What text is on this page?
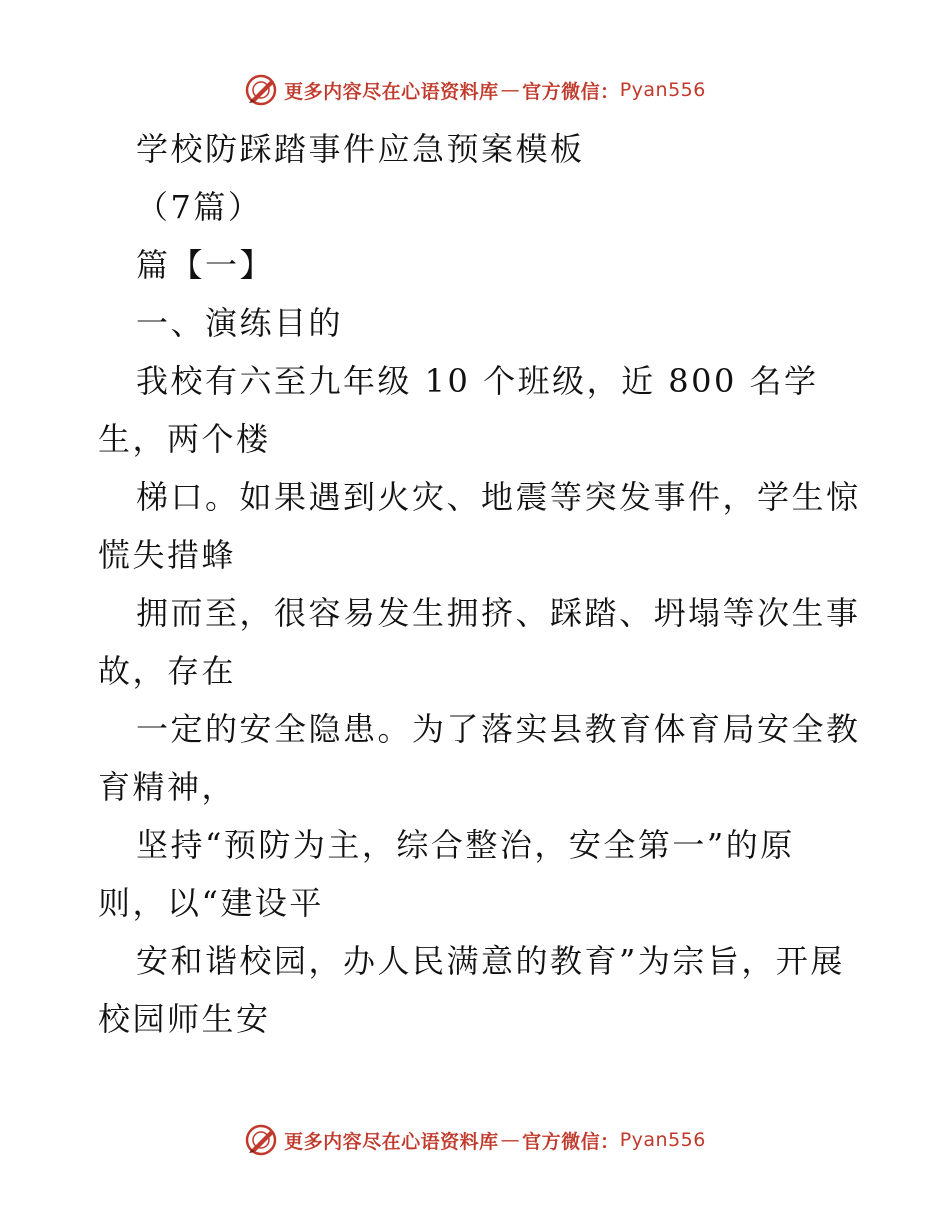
更多内容尽在心语资料库 — 官方微信： Pyan556
学校防踩踏事件应急预案模板
（7篇）
篇【一】
一、演练目的
我校有六至九年级 10 个班级，近 800 名学
生，两个楼
梯口。如果遇到火灾、地震等突发事件，学生惊
慌失措蜂
拥而至，很容易发生拥挤、踩踏、坍塌等次生事
故，存在
一定的安全隐患。为了落实县教育体育局安全教
育精神，
坚持“预防为主，综合整治，安全第一”的原
则，以“建设平
安和谐校园，办人民满意的教育”为宗旨，开展
校园师生安
更多内容尽在心语资料库 — 官方微信： Pyan556
